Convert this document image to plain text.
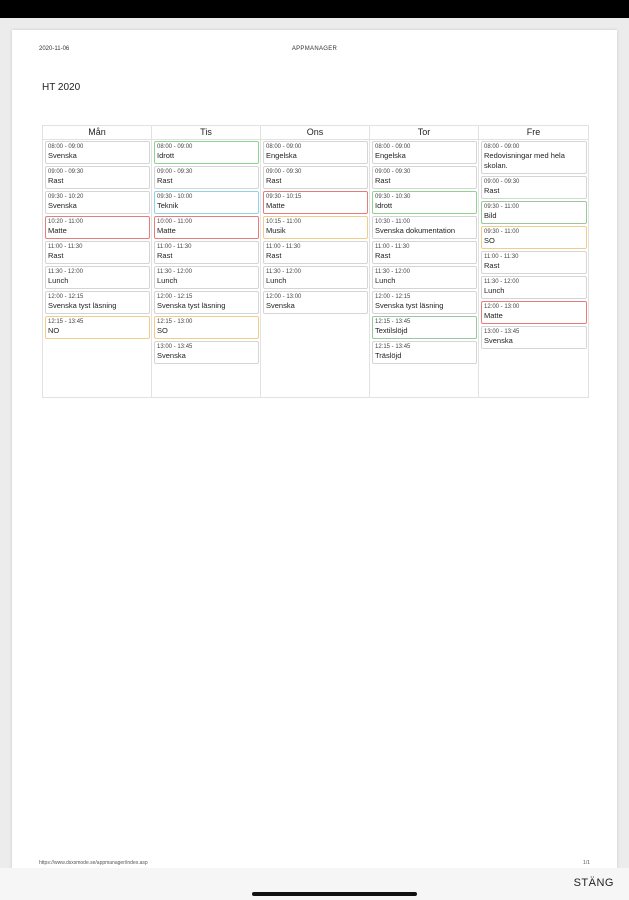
2020-11-06	APPMANAGER
HT 2020
Mån
08:00 - 09:00
Svenska
09:00 - 09:30
Rast
09:30 - 10:20
Svenska
10:20 - 11:00
Matte
11:00 - 11:30
Rast
11:30 - 12:00
Lunch
12:00 - 12:15
Svenska tyst läsning
12:15 - 13:45
NO
Tis
08:00 - 09:00
Idrott
09:00 - 09:30
Rast
09:30 - 10:00
Teknik
10:00 - 11:00
Matte
11:00 - 11:30
Rast
11:30 - 12:00
Lunch
12:00 - 12:15
Svenska tyst läsning
12:15 - 13:00
SO
13:00 - 13:45
Svenska
Ons
08:00 - 09:00
Engelska
09:00 - 09:30
Rast
09:30 - 10:15
Matte
10:15 - 11:00
Musik
11:00 - 11:30
Rast
11:30 - 12:00
Lunch
12:00 - 13:00
Svenska
Tor
08:00 - 09:00
Engelska
09:00 - 09:30
Rast
09:30 - 10:30
Idrott
10:30 - 11:00
Svenska dokumentation
11:00 - 11:30
Rast
11:30 - 12:00
Lunch
12:00 - 12:15
Svenska tyst läsning
12:15 - 13:45
Textilslöjd
12:15 - 13:45
Träslöjd
Fre
08:00 - 09:00
Redovisningar med hela skolan.
09:00 - 09:30
Rast
09:30 - 11:00
Bild
09:30 - 11:00
SO
11:00 - 11:30
Rast
11:30 - 12:00
Lunch
12:00 - 13:00
Matte
13:00 - 13:45
Svenska
https://www.dsxsmode.se/appmanager/index.asp	1/1
STÄNG
